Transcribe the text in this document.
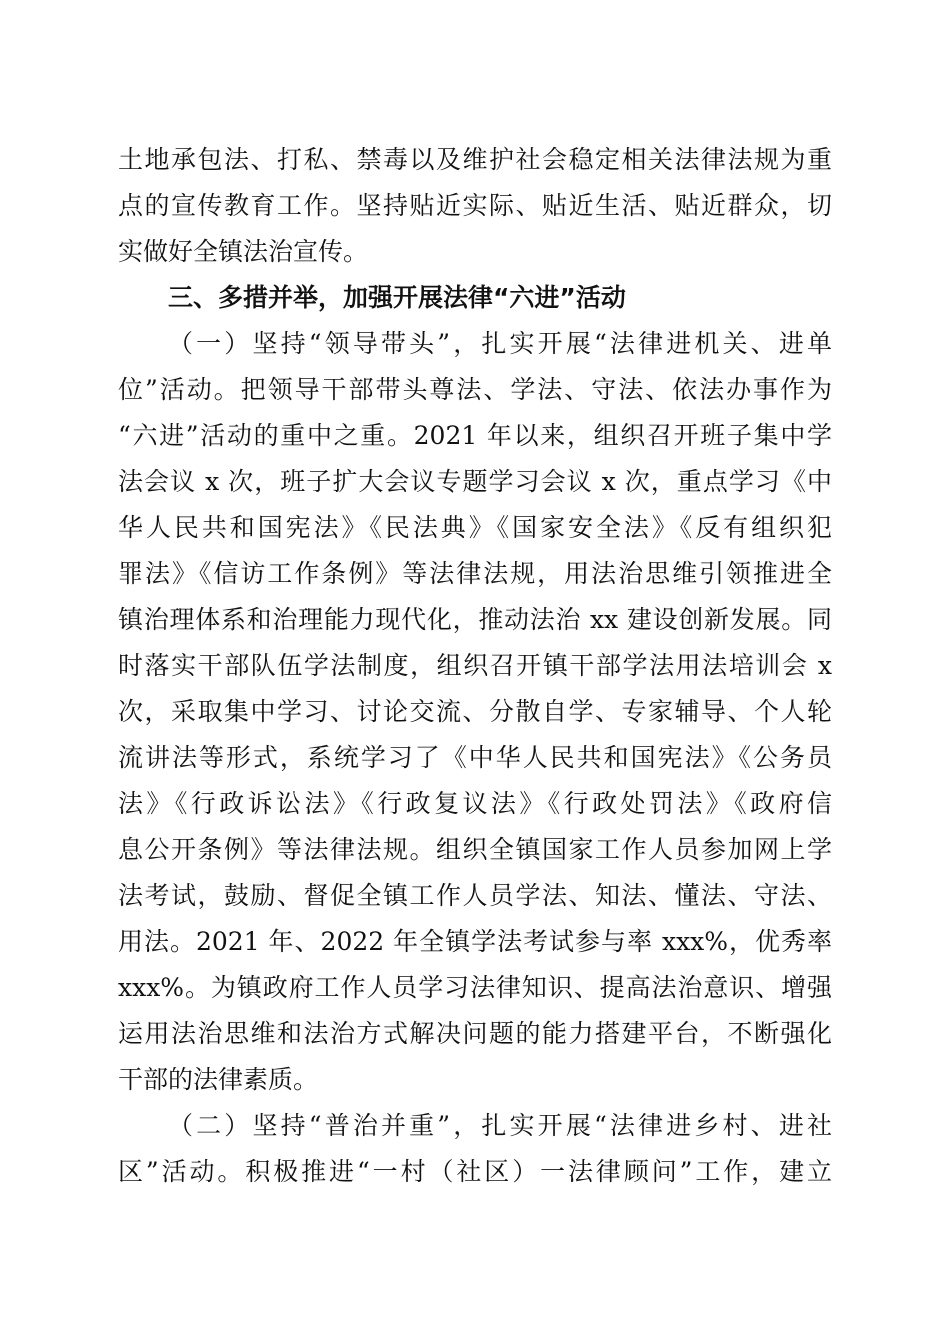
土地承包法、打私、禁毒以及维护社会稳定相关法律法规为重
点的宣传教育工作。坚持贴近实际、贴近生活、贴近群众，切
实做好全镇法治宣传。
三、多措并举，加强开展法律“六进”活动
（一）坚持“领导带头”，扎实开展“法律进机关、进单
位”活动。把领导干部带头尊法、学法、守法、依法办事作为
“六进”活动的重中之重。2021 年以来，组织召开班子集中学
法会议 x 次，班子扩大会议专题学习会议 x 次，重点学习《中
华人民共和国宪法》《民法典》《国家安全法》《反有组织犯
罪法》《信访工作条例》等法律法规，用法治思维引领推进全
镇治理体系和治理能力现代化，推动法治 xx 建设创新发展。同
时落实干部队伍学法制度，组织召开镇干部学法用法培训会 x
次，采取集中学习、讨论交流、分散自学、专家辅导、个人轮
流讲法等形式，系统学习了《中华人民共和国宪法》《公务员
法》《行政诉讼法》《行政复议法》《行政处罚法》《政府信
息公开条例》等法律法规。组织全镇国家工作人员参加网上学
法考试，鼓励、督促全镇工作人员学法、知法、懂法、守法、
用法。2021 年、2022 年全镇学法考试参与率 xxx%，优秀率
xxx%。为镇政府工作人员学习法律知识、提高法治意识、增强
运用法治思维和法治方式解决问题的能力搭建平台，不断强化
干部的法律素质。
（二）坚持“普治并重”，扎实开展“法律进乡村、进社
区”活动。积极推进“一村（社区）一法律顾问”工作，建立
